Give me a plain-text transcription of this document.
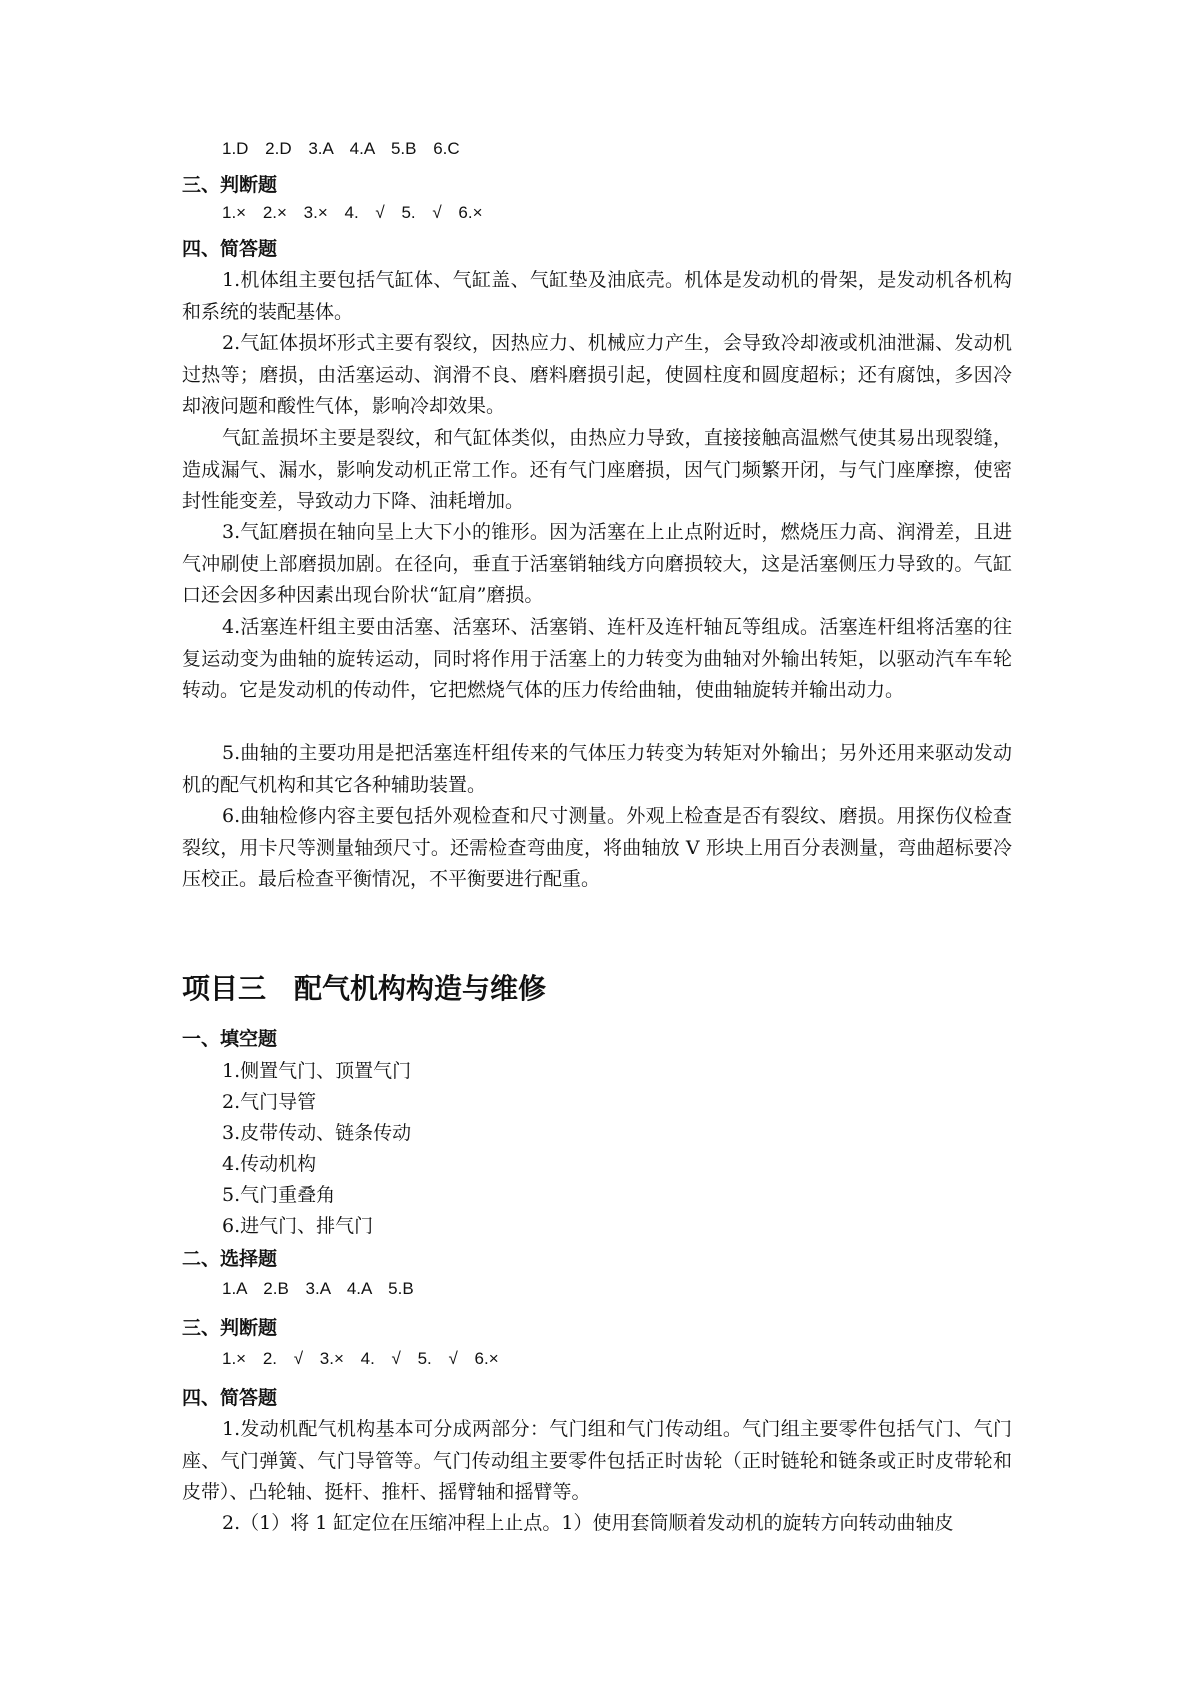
1.D 2.D 3.A 4.A 5.B 6.C
三、判断题
1.× 2.× 3.× 4. √ 5. √ 6.×
四、简答题
1.机体组主要包括气缸体、气缸盖、气缸垫及油底壳。机体是发动机的骨架，是发动机各机构和系统的装配基体。
2.气缸体损坏形式主要有裂纹，因热应力、机械应力产生，会导致冷却液或机油泄漏、发动机过热等；磨损，由活塞运动、润滑不良、磨料磨损引起，使圆柱度和圆度超标；还有腐蚀，多因冷却液问题和酸性气体，影响冷却效果。
气缸盖损坏主要是裂纹，和气缸体类似，由热应力导致，直接接触高温燃气使其易出现裂缝，造成漏气、漏水，影响发动机正常工作。还有气门座磨损，因气门频繁开闭，与气门座摩擦，使密封性能变差，导致动力下降、油耗增加。
3.气缸磨损在轴向呈上大下小的锥形。因为活塞在上止点附近时，燃烧压力高、润滑差，且进气冲刷使上部磨损加剧。在径向，垂直于活塞销轴线方向磨损较大，这是活塞侧压力导致的。气缸口还会因多种因素出现台阶状“缸肩”磨损。
4.活塞连杆组主要由活塞、活塞环、活塞销、连杆及连杆轴瓦等组成。活塞连杆组将活塞的往复运动变为曲轴的旋转运动，同时将作用于活塞上的力转变为曲轴对外输出转矩，以驱动汽车车轮转动。它是发动机的传动件，它把燃烧气体的压力传给曲轴，使曲轴旋转并输出动力。
5.曲轴的主要功用是把活塞连杆组传来的气体压力转变为转矩对外输出；另外还用来驱动发动机的配气机构和其它各种辅助装置。
6.曲轴检修内容主要包括外观检查和尺寸测量。外观上检查是否有裂纹、磨损。用探伤仪检查裂纹，用卡尺等测量轴颈尺寸。还需检查弯曲度，将曲轴放 V 形块上用百分表测量，弯曲超标要冷压校正。最后检查平衡情况，不平衡要进行配重。
项目三　配气机构构造与维修
一、填空题
1.侧置气门、顶置气门
2.气门导管
3.皮带传动、链条传动
4.传动机构
5.气门重叠角
6.进气门、排气门
二、选择题
1.A 2.B 3.A 4.A 5.B
三、判断题
1.× 2. √ 3.× 4. √ 5. √ 6.×
四、简答题
1.发动机配气机构基本可分成两部分：气门组和气门传动组。气门组主要零件包括气门、气门座、气门弹簧、气门导管等。气门传动组主要零件包括正时齿轮（正时链轮和链条或正时皮带轮和皮带）、凸轮轴、挺杆、推杆、摇臂轴和摇臂等。
2.（1）将 1 缸定位在压缩冲程上止点。1）使用套筒顺着发动机的旋转方向转动曲轴皮
